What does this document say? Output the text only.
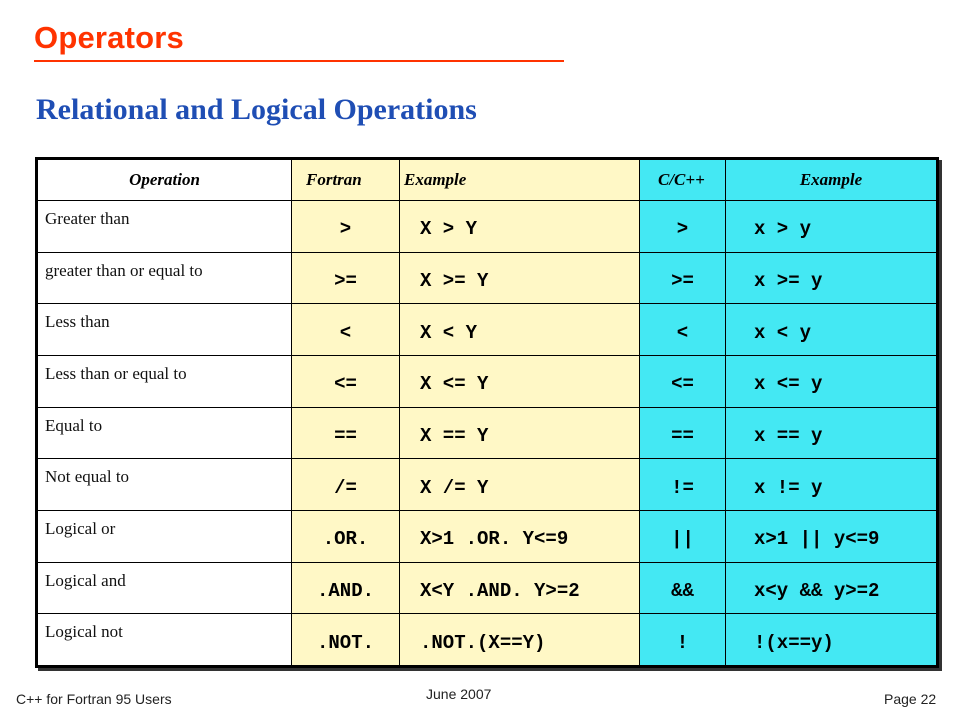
Operators
Relational and Logical Operations
Operation	Fortran	Example	C/C++	Example
Greater than	>	X > Y	>	x > y
greater than or equal to	>=	X >= Y	>=	x >= y
Less than	<	X < Y	<	x < y
Less than or equal to	<=	X <= Y	<=	x <= y
Equal to	==	X == Y	==	x == y
Not equal to	/=	X /= Y	!=	x != y
Logical or	.OR.	X>1 .OR. Y<=9	||	x>1 || y<=9
Logical and	.AND.	X<Y .AND. Y>=2	&&	x<y && y>=2
Logical not	.NOT.	.NOT.(X==Y)	!	!(x==y)
C++ for Fortran 95 Users	June 2007	Page 22
